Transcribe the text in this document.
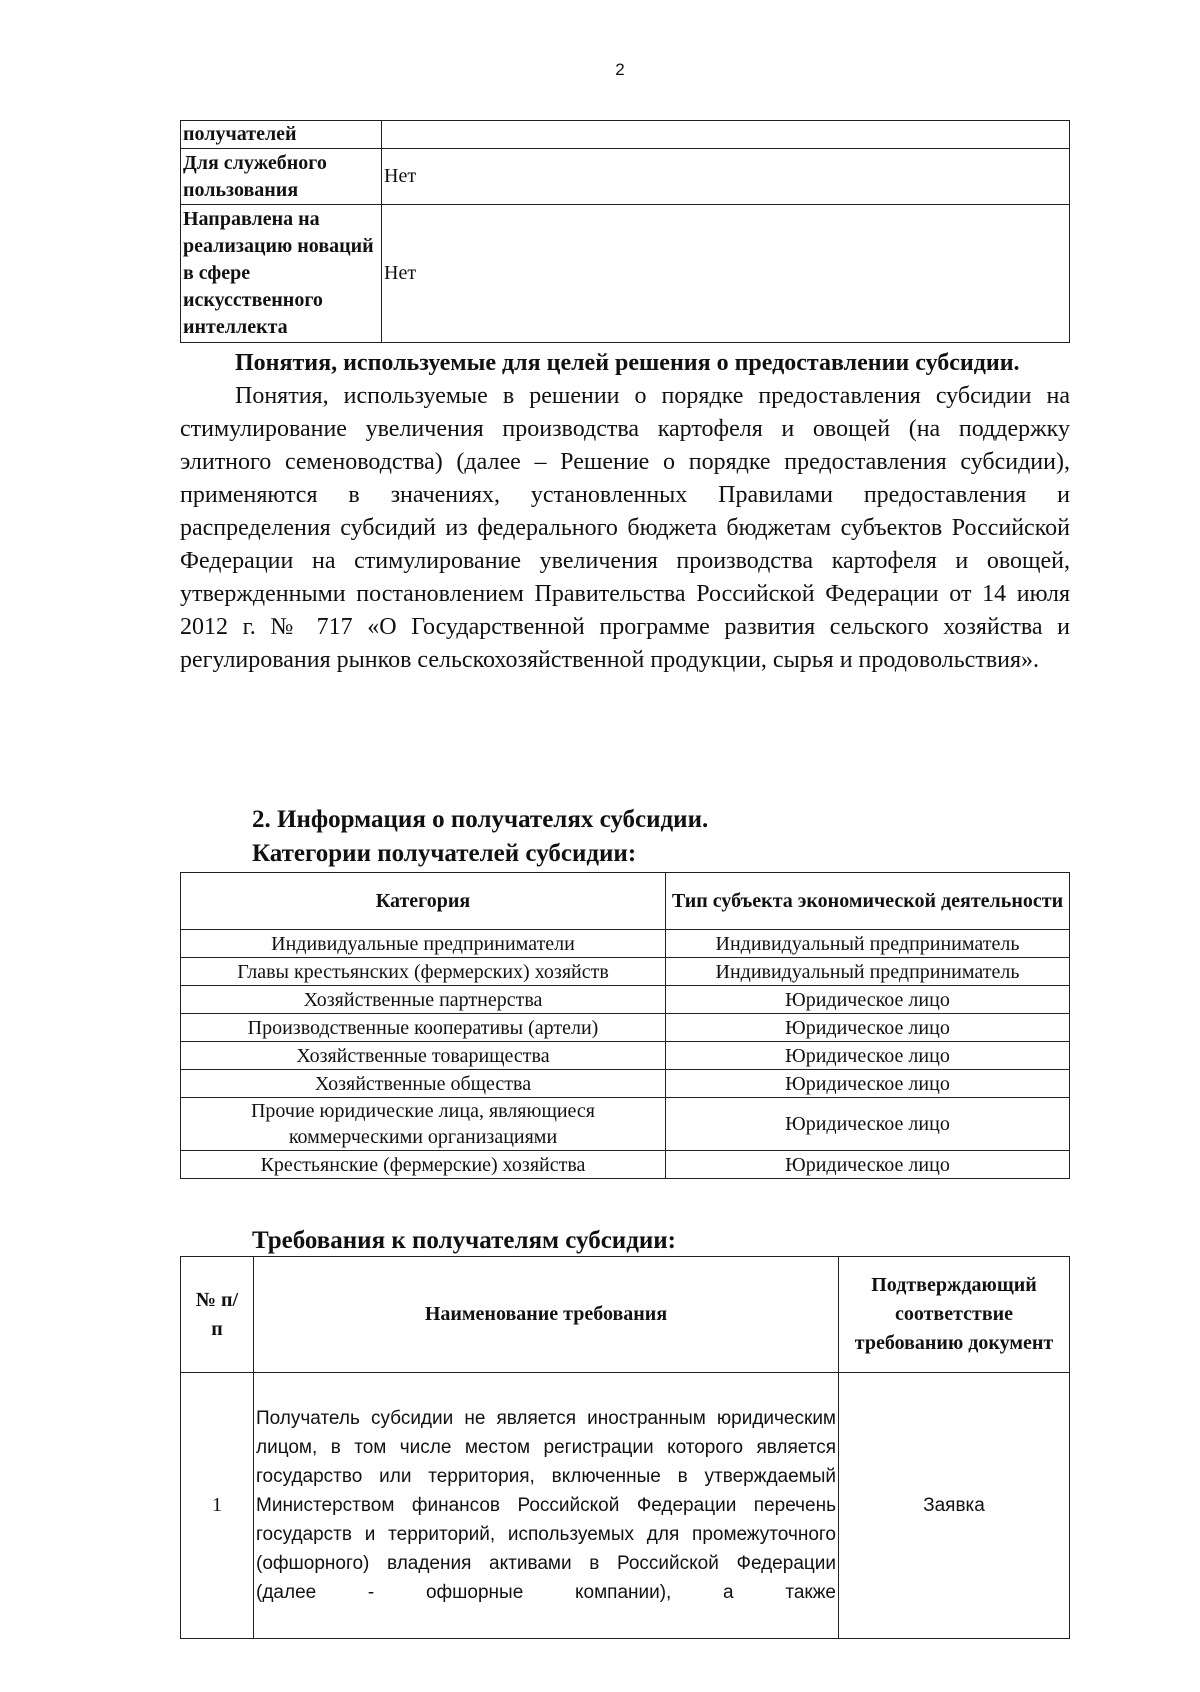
2
получателей	
Для служебного пользования	Нет
Направлена на реализацию новаций в сфере искусственного интеллекта	Нет

Понятия, используемые для целей решения о предоставлении субсидии.

Понятия, используемые в решении о порядке предоставления субсидии на стимулирование увеличения производства картофеля и овощей (на поддержку элитного семеноводства) (далее – Решение о порядке предоставления субсидии), применяются в значениях, установленных Правилами предоставления и распределения субсидий из федерального бюджета бюджетам субъектов Российской Федерации на стимулирование увеличения производства картофеля и овощей, утвержденными постановлением Правительства Российской Федерации от 14 июля 2012 г. № 717 «О Государственной программе развития сельского хозяйства и регулирования рынков сельскохозяйственной продукции, сырья и продовольствия».

2. Информация о получателях субсидии.

Категории получателей субсидии:

Категория	Тип субъекта экономической деятельности
Индивидуальные предприниматели	Индивидуальный предприниматель
Главы крестьянских (фермерских) хозяйств	Индивидуальный предприниматель
Хозяйственные партнерства	Юридическое лицо
Производственные кооперативы (артели)	Юридическое лицо
Хозяйственные товарищества	Юридическое лицо
Хозяйственные общества	Юридическое лицо
Прочие юридические лица, являющиеся коммерческими организациями	Юридическое лицо
Крестьянские (фермерские) хозяйства	Юридическое лицо

Требования к получателям субсидии:

№ п/п	Наименование требования	Подтверждающий соответствие требованию документ
1	Получатель субсидии не является иностранным юридическим лицом, в том числе местом регистрации которого является государство или территория, включенные в утверждаемый Министерством финансов Российской Федерации перечень государств и территорий, используемых для промежуточного (офшорного) владения активами в Российской Федерации (далее - офшорные компании), а также	Заявка
